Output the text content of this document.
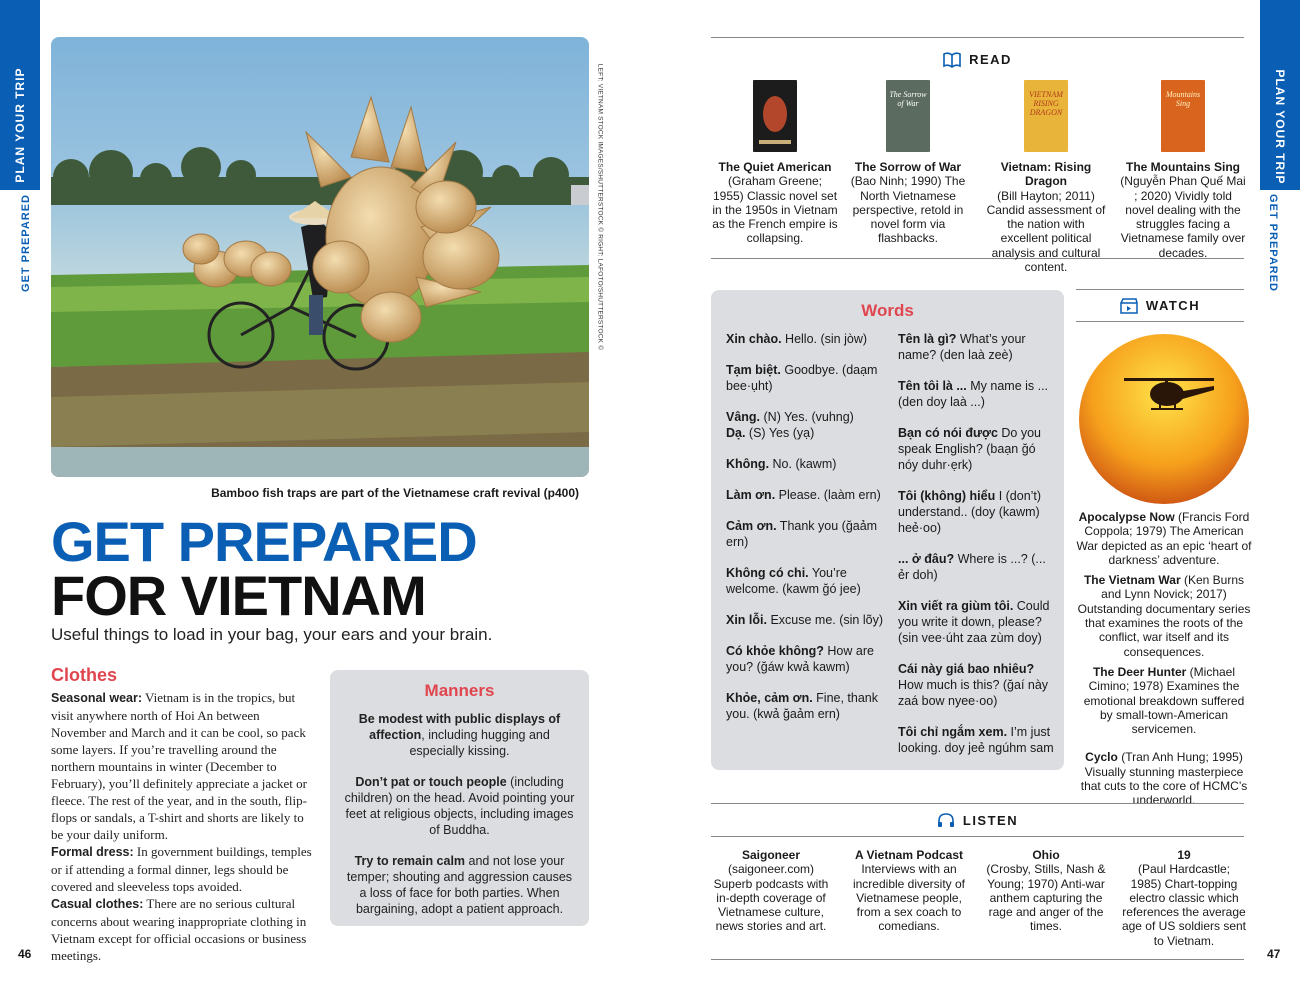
PLAN YOUR TRIP
GET PREPARED
PLAN YOUR TRIP
GET PREPARED
46	47
LEFT: VIETNAM STOCK IMAGES/SHUTTERSTOCK © RIGHT: LAFOTO/SHUTTERSTOCK ©
Bamboo fish traps are part of the Vietnamese craft revival (p400)
GET PREPARED
FOR VIETNAM
Useful things to load in your bag, your ears and your brain.
Clothes

Seasonal wear: Vietnam is in the tropics, but visit anywhere north of Hoi An between November and March and it can be cool, so pack some layers. If you’re travelling around the northern mountains in winter (December to February), you’ll definitely appreciate a jacket or fleece. The rest of the year, and in the south, flip-flops or sandals, a T-shirt and shorts are likely to be your daily uniform.

Formal dress: In government buildings, temples or if attending a formal dinner, legs should be covered and sleeveless tops avoided.

Casual clothes: There are no serious cultural concerns about wearing inappropriate clothing in Vietnam except for official occasions or business meetings.

Manners

Be modest with public displays of affection, including hugging and especially kissing.

Don’t pat or touch people (including children) on the head. Avoid pointing your feet at religious objects, including images of Buddha.

Try to remain calm and not lose your temper; shouting and aggression causes a loss of face for both parties. When bargaining, adopt a patient approach.

READ
The Quiet American
(Graham Greene; 1955) Classic novel set in the 1950s in Vietnam as the French empire is collapsing.
The Sorrow of War
The Sorrow of War
(Bao Ninh; 1990) The North Vietnamese perspective, retold in novel form via flashbacks.
VIETNAM RISING DRAGON
Vietnam: Rising Dragon
(Bill Hayton; 2011) Candid assessment of the nation with excellent political analysis and cultural content.
Mountains Sing
The Mountains Sing
(Nguyễn Phan Quế Mai ; 2020) Vividly told novel dealing with the struggles facing a Vietnamese family over decades.
Words

Xin chào. Hello. (sin jòw)

Tạm biệt. Goodbye. (daạm bee·ụht)

Vâng. (N) Yes. (vuhng)
Dạ. (S) Yes (yạ)

Không. No. (kawm)

Làm ơn. Please. (laàm ern)

Cảm ơn. Thank you (ğaảm ern)

Không có chi. You’re welcome. (kawm ğó jee)

Xin lỗi. Excuse me. (sin lõy)

Có khỏe không? How are you? (ğáw kwả kawm)

Khỏe, cảm ơn. Fine, thank you. (kwả ğaảm ern)

Tên là gì? What’s your name? (den laà zeè)

Tên tôi là ... My name is ... (den doy laà ...)

Bạn có nói được Do you speak English? (baạn ğó nóy duhr·ẹrk)

Tôi (không) hiểu I (don’t) understand.. (doy (kawm) heẻ·oo)

... ở đâu? Where is ...? (... ẻr doh)

Xin viết ra giùm tôi. Could you write it down, please? (sin vee·úht zaa zùm doy)

Cái này giá bao nhiêu? How much is this? (ğaí này zaá bow nyee·oo)

Tôi chỉ ngắm xem. I’m just looking. doy jeẻ ngúhm sam

WATCH

Apocalypse Now (Francis Ford Coppola; 1979) The American War depicted as an epic ‘heart of darkness’ adventure.

The Vietnam War (Ken Burns and Lynn Novick; 2017) Outstanding documentary series that examines the roots of the conflict, war itself and its consequences.

The Deer Hunter (Michael Cimino; 1978) Examines the emotional breakdown suffered by small-town-American servicemen.

Cyclo (Tran Anh Hung; 1995) Visually stunning masterpiece that cuts to the core of HCMC’s underworld.

LISTEN
Saigoneer
(saigoneer.com) Superb podcasts with in-depth coverage of Vietnamese culture, news stories and art.
A Vietnam Podcast
Interviews with an incredible diversity of Vietnamese people, from a sex coach to comedians.
Ohio
(Crosby, Stills, Nash & Young; 1970) Anti-war anthem capturing the rage and anger of the times.
19
(Paul Hardcastle; 1985) Chart-topping electro classic which references the average age of US soldiers sent to Vietnam.
